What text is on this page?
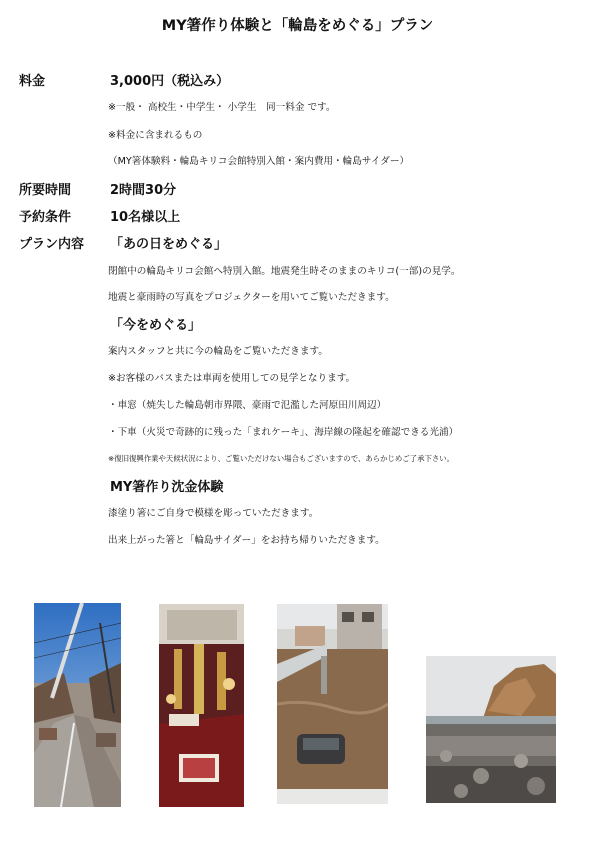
MY箸作り体験と「輪島をめぐる」プラン
料金	3,000円（税込み）
※一般・ 高校生・中学生・ 小学生　同一料金 です。
※料金に含まれるもの
（MY箸体験料・輪島キリコ会館特別入館・案内費用・輪島サイダー）
所要時間	2時間30分
予約条件	10名様以上
プラン内容 「あの日をめぐる」
閉館中の輪島キリコ会館へ特別入館。地震発生時そのままのキリコ(一部)の見学。
地震と豪雨時の写真をプロジェクターを用いてご覧いただきます。
「今をめぐる」
案内スタッフと共に今の輪島をご覧いただきます。
※お客様のバスまたは車両を使用しての見学となります。
・車窓（焼失した輪島朝市界隈、豪雨で氾濫した河原田川周辺）
・下車（火災で奇跡的に残った「まれケーキ」、海岸線の隆起を確認できる光浦）
※復旧復興作業や天候状況により、ご覧いただけない場合もございますので、あらかじめご了承下さい。
MY箸作り沈金体験
漆塗り箸にご自身で模様を彫っていただきます。
出来上がった箸と「輪島サイダー」をお持ち帰りいただきます。
